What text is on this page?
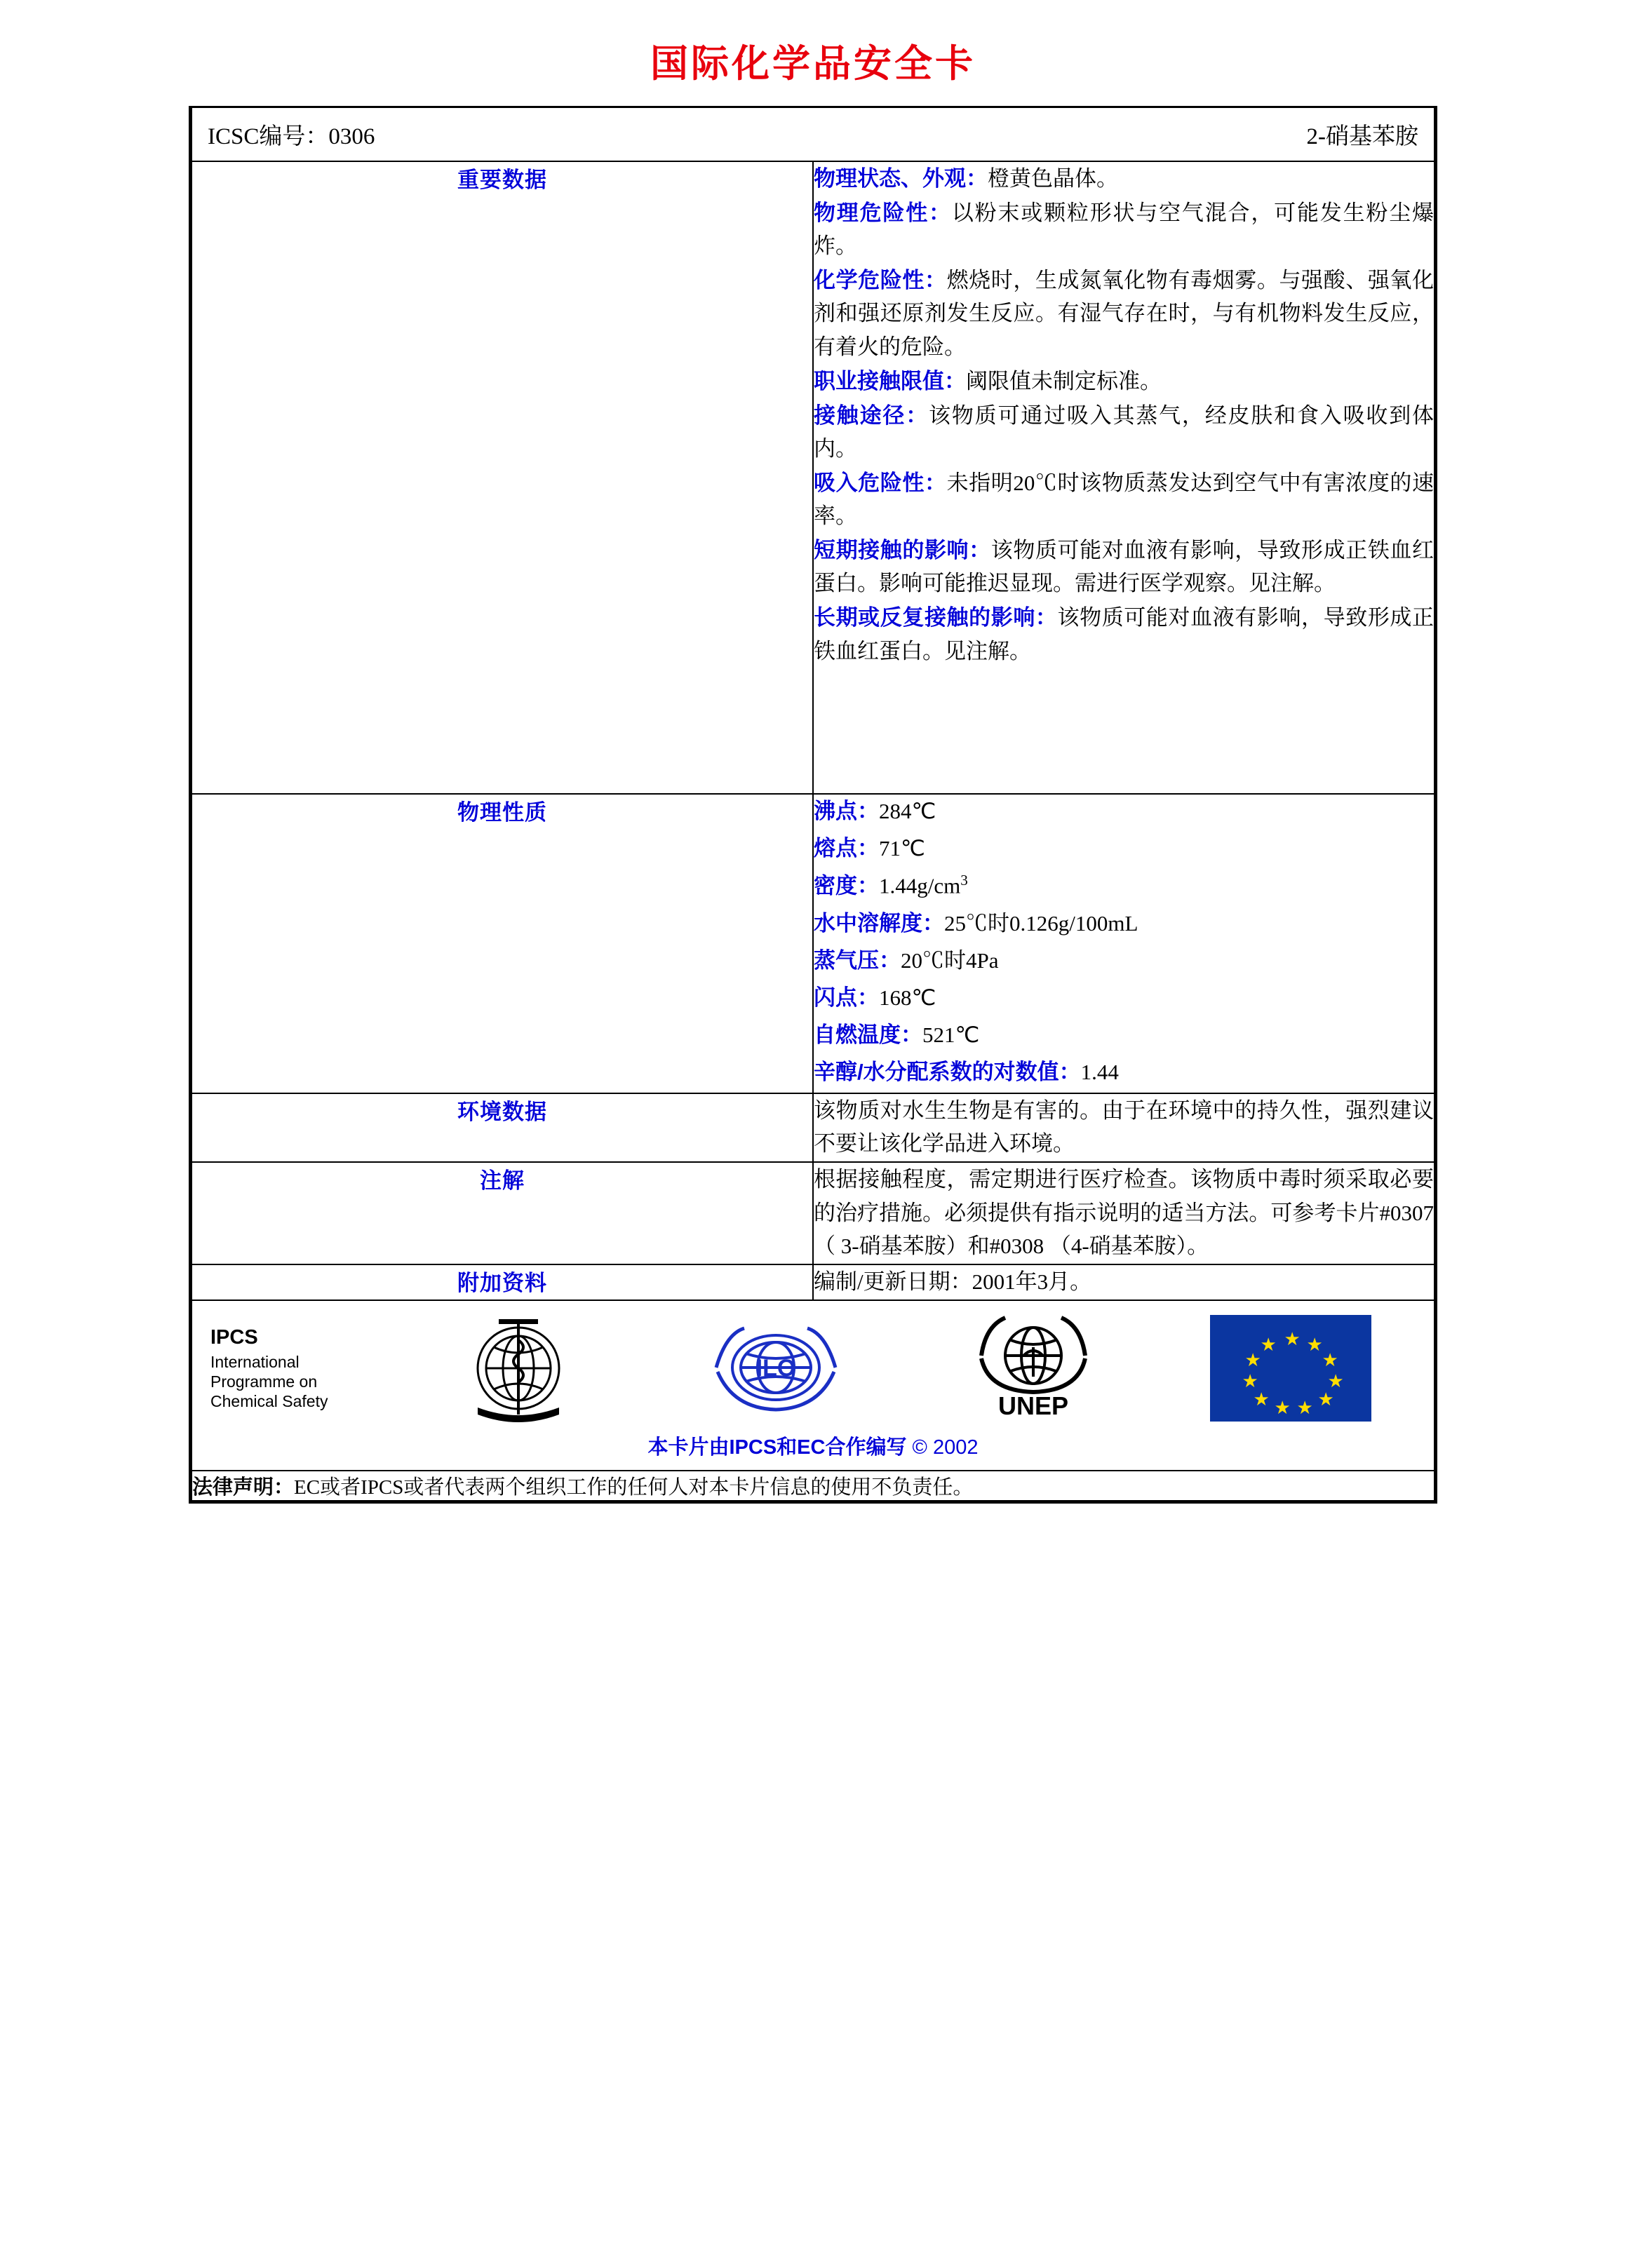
国际化学品安全卡
ICSC编号：0306 2-硝基苯胺	

重要数据	物理状态、外观：橙黄色晶体。

物理危险性：以粉末或颗粒形状与空气混合，可能发生粉尘爆炸。

化学危险性：燃烧时，生成氮氧化物有毒烟雾。与强酸、强氧化剂和强还原剂发生反应。有湿气存在时，与有机物料发生反应，有着火的危险。

职业接触限值：阈限值未制定标准。

接触途径：该物质可通过吸入其蒸气，经皮肤和食入吸收到体内。

吸入危险性：未指明20℃时该物质蒸发达到空气中有害浓度的速率。

短期接触的影响：该物质可能对血液有影响，导致形成正铁血红蛋白。影响可能推迟显现。需进行医学观察。见注解。

长期或反复接触的影响：该物质可能对血液有影响，导致形成正铁血红蛋白。见注解。

物理性质	沸点：284℃

熔点：71℃

密度：$1.44g/cm^3$

水中溶解度：25℃时0.126g/100mL

蒸气压：20℃时4Pa

闪点：168℃

自燃温度：521℃

辛醇/水分配系数的对数值：1.44

环境数据	该物质对水生生物是有害的。由于在环境中的持久性，强烈建议不要让该化学品进入环境。

注解	根据接触程度，需定期进行医疗检查。该物质中毒时须采取必要的治疗措施。必须提供有指示说明的适当方法。可参考卡片#0307（ 3-硝基苯胺）和#0308 （4-硝基苯胺）。

附加资料	编制/更新日期：2001年3月。

IPCS
International
Programme on
Chemical Safety
ILO
UNEP
★ ★
★
★
★
★
★
★
★
★
★
本卡片由IPCS和EC合作编写 © 2002

法律声明：EC或者IPCS或者代表两个组织工作的任何人对本卡片信息的使用不负责任。	
